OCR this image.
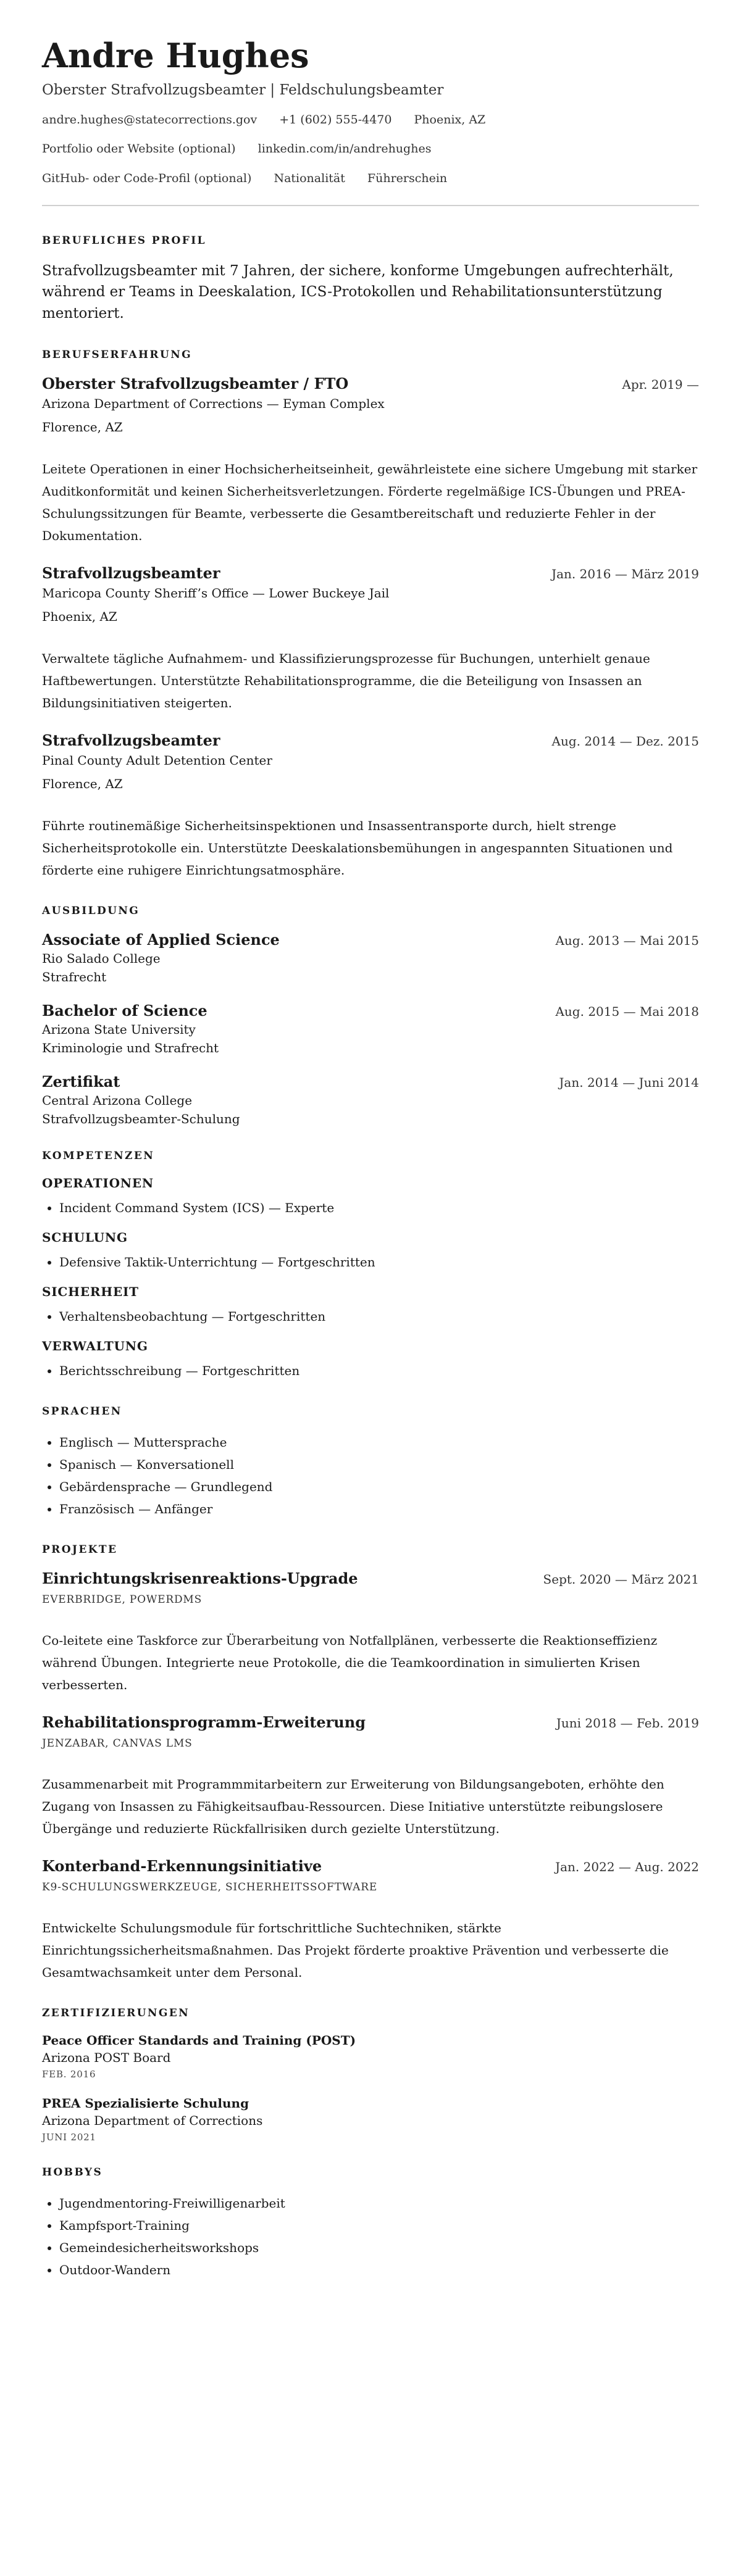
Andre Hughes
Oberster Strafvollzugsbeamter | Feldschulungsbeamter
andre.hughes@statecorrections.gov +1 (602) 555-4470 Phoenix, AZ
Portfolio oder Website (optional) linkedin.com/in/andrehughes
GitHub- oder Code-Profil (optional) Nationalität Führerschein
BERUFLICHES PROFIL
Strafvollzugsbeamter mit 7 Jahren, der sichere, konforme Umgebungen aufrechterhält, während er Teams in Deeskalation, ICS-Protokollen und Rehabilitationsunterstützung mentoriert.
BERUFSERFAHRUNG
Oberster Strafvollzugsbeamter / FTO	Apr. 2019 —
Arizona Department of Corrections — Eyman Complex
Florence, AZ
Leitete Operationen in einer Hochsicherheitseinheit, gewährleistete eine sichere Umgebung mit starker Auditkonformität und keinen Sicherheitsverletzungen. Förderte regelmäßige ICS-Übungen und PREA-Schulungssitzungen für Beamte, verbesserte die Gesamtbereitschaft und reduzierte Fehler in der Dokumentation.
Strafvollzugsbeamter	Jan. 2016 — März 2019
Maricopa County Sheriff’s Office — Lower Buckeye Jail
Phoenix, AZ
Verwaltete tägliche Aufnahmem- und Klassifizierungsprozesse für Buchungen, unterhielt genaue Haftbewertungen. Unterstützte Rehabilitationsprogramme, die die Beteiligung von Insassen an Bildungsinitiativen steigerten.
Strafvollzugsbeamter	Aug. 2014 — Dez. 2015
Pinal County Adult Detention Center
Florence, AZ
Führte routinemäßige Sicherheitsinspektionen und Insassentransporte durch, hielt strenge Sicherheitsprotokolle ein. Unterstützte Deeskalationsbemühungen in angespannten Situationen und förderte eine ruhigere Einrichtungsatmosphäre.
AUSBILDUNG
Associate of Applied Science	Aug. 2013 — Mai 2015
Rio Salado College
Strafrecht
Bachelor of Science	Aug. 2015 — Mai 2018
Arizona State University
Kriminologie und Strafrecht
Zertifikat	Jan. 2014 — Juni 2014
Central Arizona College
Strafvollzugsbeamter-Schulung
KOMPETENZEN
OPERATIONEN
• Incident Command System (ICS) — Experte
SCHULUNG
• Defensive Taktik-Unterrichtung — Fortgeschritten
SICHERHEIT
• Verhaltensbeobachtung — Fortgeschritten
VERWALTUNG
• Berichtsschreibung — Fortgeschritten
SPRACHEN
• Englisch — Muttersprache
• Spanisch — Konversationell
• Gebärdensprache — Grundlegend
• Französisch — Anfänger
PROJEKTE
Einrichtungskrisenreaktions-Upgrade	Sept. 2020 — März 2021
EVERBRIDGE, POWERDMS
Co-leitete eine Taskforce zur Überarbeitung von Notfallplänen, verbesserte die Reaktionseffizienz während Übungen. Integrierte neue Protokolle, die die Teamkoordination in simulierten Krisen verbesserten.
Rehabilitationsprogramm-Erweiterung	Juni 2018 — Feb. 2019
JENZABAR, CANVAS LMS
Zusammenarbeit mit Programmmitarbeitern zur Erweiterung von Bildungsangeboten, erhöhte den Zugang von Insassen zu Fähigkeitsaufbau-Ressourcen. Diese Initiative unterstützte reibungslosere Übergänge und reduzierte Rückfallrisiken durch gezielte Unterstützung.
Konterband-Erkennungsinitiative	Jan. 2022 — Aug. 2022
K9-SCHULUNGSWERKZEUGE, SICHERHEITSSOFTWARE
Entwickelte Schulungsmodule für fortschrittliche Suchtechniken, stärkte Einrichtungssicherheitsmaßnahmen. Das Projekt förderte proaktive Prävention und verbesserte die Gesamtwachsamkeit unter dem Personal.
ZERTIFIZIERUNGEN
Peace Officer Standards and Training (POST)
Arizona POST Board
FEB. 2016
PREA Spezialisierte Schulung
Arizona Department of Corrections
JUNI 2021
HOBBYS
• Jugendmentoring-Freiwilligenarbeit
• Kampfsport-Training
• Gemeindesicherheitsworkshops
• Outdoor-Wandern
